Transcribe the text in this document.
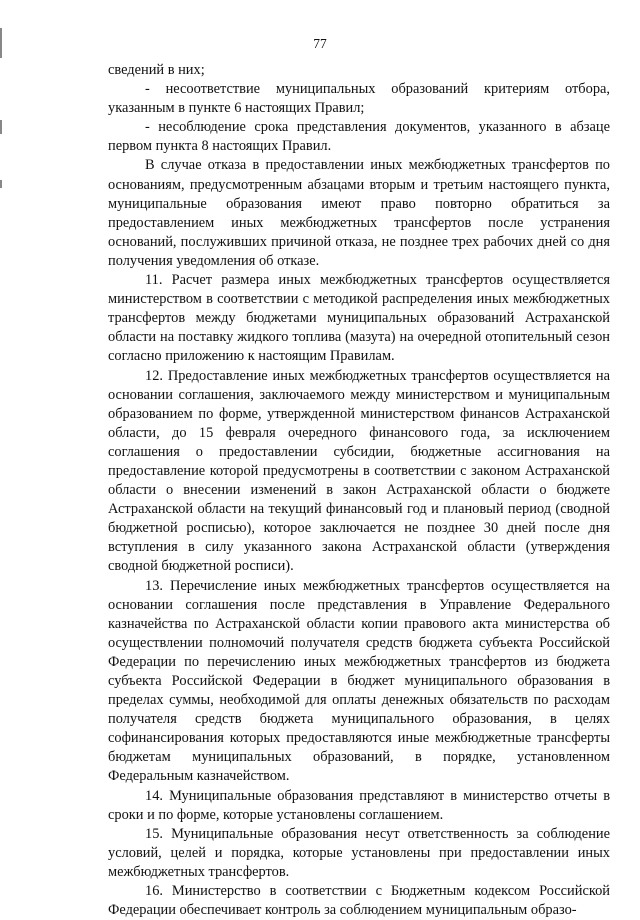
77

сведений в них;

- несоответствие муниципальных образований критериям отбора, указанным в пункте 6 настоящих Правил;

- несоблюдение срока представления документов, указанного в абзаце первом пункта 8 настоящих Правил.

В случае отказа в предоставлении иных межбюджетных трансфертов по основаниям, предусмотренным абзацами вторым и третьим настоящего пункта, муниципальные образования имеют право повторно обратиться за предоставлением иных межбюджетных трансфертов после устранения оснований, послуживших причиной отказа, не позднее трех рабочих дней со дня получения уведомления об отказе.

11. Расчет размера иных межбюджетных трансфертов осуществляется министерством в соответствии с методикой распределения иных межбюджетных трансфертов между бюджетами муниципальных образований Астраханской области на поставку жидкого топлива (мазута) на очередной отопительный сезон согласно приложению к настоящим Правилам.

12. Предоставление иных межбюджетных трансфертов осуществляется на основании соглашения, заключаемого между министерством и муниципальным образованием по форме, утвержденной министерством финансов Астраханской области, до 15 февраля очередного финансового года, за исключением соглашения о предоставлении субсидии, бюджетные ассигнования на предоставление которой предусмотрены в соответствии с законом Астраханской области о внесении изменений в закон Астраханской области о бюджете Астраханской области на текущий финансовый год и плановый период (сводной бюджетной росписью), которое заключается не позднее 30 дней после дня вступления в силу указанного закона Астраханской области (утверждения сводной бюджетной росписи).

13. Перечисление иных межбюджетных трансфертов осуществляется на основании соглашения после представления в Управление Федерального казначейства по Астраханской области копии правового акта министерства об осуществлении полномочий получателя средств бюджета субъекта Российской Федерации по перечислению иных межбюджетных трансфертов из бюджета субъекта Российской Федерации в бюджет муниципального образования в пределах суммы, необходимой для оплаты денежных обязательств по расходам получателя средств бюджета муниципального образования, в целях софинансирования которых предоставляются иные межбюджетные трансферты бюджетам муниципальных образований, в порядке, установленном Федеральным казначейством.

14. Муниципальные образования представляют в министерство отчеты в сроки и по форме, которые установлены соглашением.

15. Муниципальные образования несут ответственность за соблюдение условий, целей и порядка, которые установлены при предоставлении иных межбюджетных трансфертов.

16. Министерство в соответствии с Бюджетным кодексом Российской Федерации обеспечивает контроль за соблюдением муниципальным образо-
